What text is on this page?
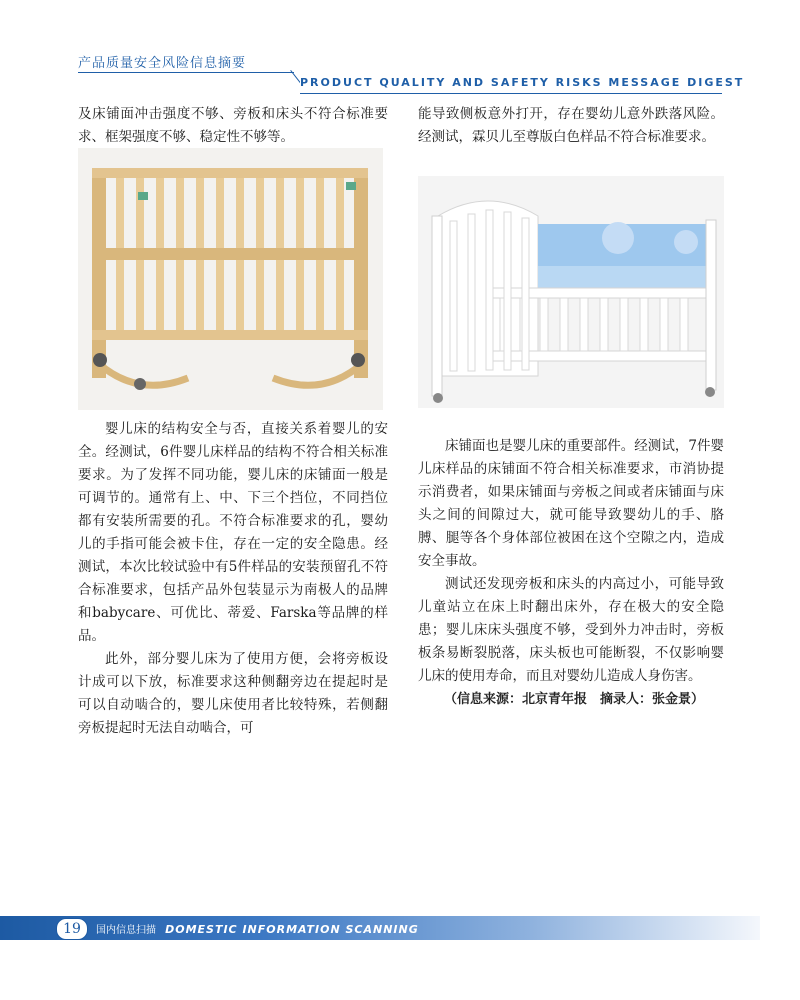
产品质量安全风险信息摘要
PRODUCT QUALITY AND SAFETY RISKS MESSAGE DIGEST

及床铺面冲击强度不够、旁板和床头不符合标准要求、框架强度不够、稳定性不够等。

婴儿床的结构安全与否，直接关系着婴儿的安全。经测试，6件婴儿床样品的结构不符合相关标准要求。为了发挥不同功能，婴儿床的床铺面一般是可调节的。通常有上、中、下三个挡位，不同挡位都有安装所需要的孔。不符合标准要求的孔，婴幼儿的手指可能会被卡住，存在一定的安全隐患。经测试，本次比较试验中有5件样品的安装预留孔不符合标准要求，包括产品外包装显示为南极人的品牌和babycare、可优比、蒂爱、Farska等品牌的样品。

此外，部分婴儿床为了使用方便，会将旁板设计成可以下放，标准要求这种侧翻旁边在提起时是可以自动啮合的，婴儿床使用者比较特殊，若侧翻旁板提起时无法自动啮合，可

能导致侧板意外打开，存在婴幼儿意外跌落风险。经测试，霖贝儿至尊版白色样品不符合标准要求。

床铺面也是婴儿床的重要部件。经测试，7件婴儿床样品的床铺面不符合相关标准要求，市消协提示消费者，如果床铺面与旁板之间或者床铺面与床头之间的间隙过大，就可能导致婴幼儿的手、胳膊、腿等各个身体部位被困在这个空隙之内，造成安全事故。

测试还发现旁板和床头的内高过小，可能导致儿童站立在床上时翻出床外，存在极大的安全隐患；婴儿床床头强度不够，受到外力冲击时，旁板板条易断裂脱落，床头板也可能断裂，不仅影响婴儿床的使用寿命，而且对婴幼儿造成人身伤害。

（信息来源：北京青年报　摘录人：张金景）

19	国内信息扫描 DOMESTIC INFORMATION SCANNING
